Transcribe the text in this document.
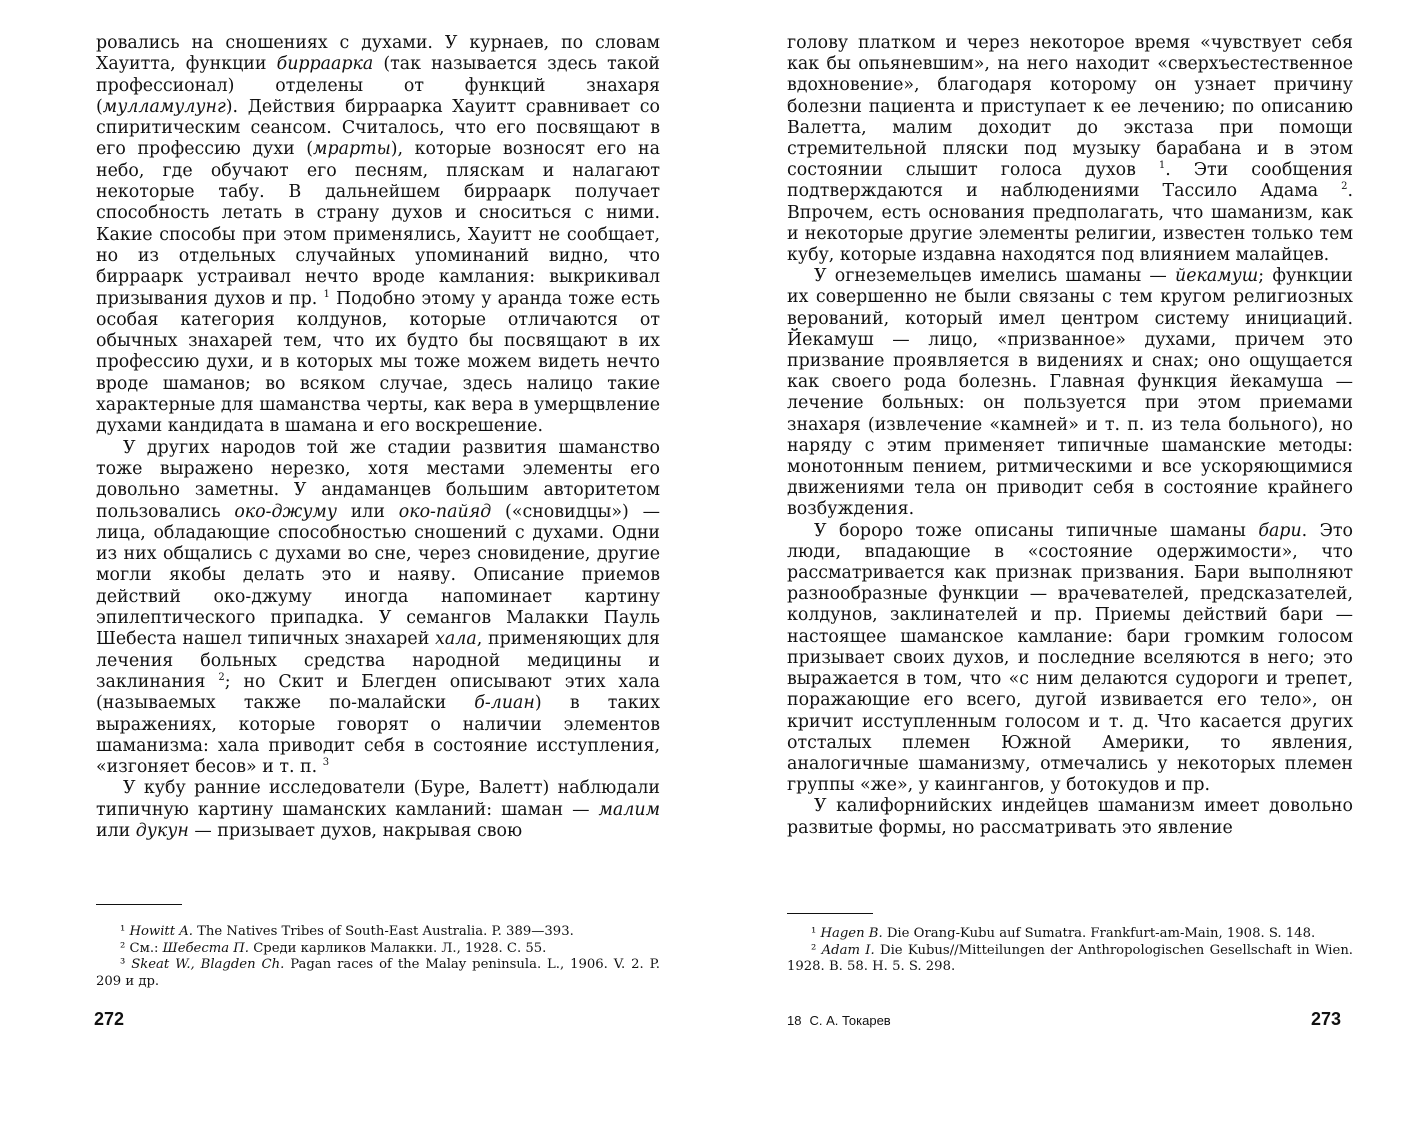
ровались на сношениях с духами. У курнаев, по словам Хауитта, функции бирраарка (так называется здесь такой профессионал) отделены от функций знахаря (мулламулунг). Действия бирраарка Хауитт сравнивает со спиритическим сеансом. Считалось, что его посвящают в его профессию духи (мрарты), которые возносят его на небо, где обучают его песням, пляскам и налагают некоторые табу. В дальнейшем бирраарк получает способность летать в страну духов и сноситься с ними. Какие способы при этом применялись, Хауитт не сообщает, но из отдельных случайных упоминаний видно, что бирраарк устраивал нечто вроде камлания: выкрикивал призывания духов и пр. $^1$ Подобно этому у аранда тоже есть особая категория колдунов, которые отличаются от обычных знахарей тем, что их будто бы посвящают в их профессию духи, и в которых мы тоже можем видеть нечто вроде шаманов; во всяком случае, здесь налицо такие характерные для шаманства черты, как вера в умерщвление духами кандидата в шамана и его воскрешение.

У других народов той же стадии развития шаманство тоже выражено нерезко, хотя местами элементы его довольно заметны. У андаманцев большим авторитетом пользовались око-джуму или око-пайяд («сновидцы») — лица, обладающие способностью сношений с духами. Одни из них общались с духами во сне, через сновидение, другие могли якобы делать это и наяву. Описание приемов действий око-джуму иногда напоминает картину эпилептического припадка. У семангов Малакки Пауль Шебеста нашел типичных знахарей хала, применяющих для лечения больных средства народной медицины и заклинания $^2$; но Скит и Блегден описывают этих хала (называемых также по-малайски б-лиан) в таких выражениях, которые говорят о наличии элементов шаманизма: хала приводит себя в состояние исступления, «изгоняет бесов» и т. п. $^3$

У кубу ранние исследователи (Буре, Валетт) наблюдали типичную картину шаманских камланий: шаман — малим или дукун — призывает духов, накрывая свою

¹ Howitt A. The Natives Tribes of South-East Australia. P. 389—393.
² См.: Шебеста П. Среди карликов Малакки. Л., 1928. С. 55.
³ Skeat W., Blagden Ch. Pagan races of the Malay peninsula. L., 1906. V. 2. P. 209 и др.
272

голову платком и через некоторое время «чувствует себя как бы опьяневшим», на него находит «сверхъестественное вдохновение», благодаря которому он узнает причину болезни пациента и приступает к ее лечению; по описанию Валетта, малим доходит до экстаза при помощи стремительной пляски под музыку барабана и в этом состоянии слышит голоса духов $^1$. Эти сообщения подтверждаются и наблюдениями Тассило Адама $^2$. Впрочем, есть основания предполагать, что шаманизм, как и некоторые другие элементы религии, известен только тем кубу, которые издавна находятся под влиянием малайцев.

У огнеземельцев имелись шаманы — йекамуш; функции их совершенно не были связаны с тем кругом религиозных верований, который имел центром систему инициаций. Йекамуш — лицо, «призванное» духами, причем это призвание проявляется в видениях и снах; оно ощущается как своего рода болезнь. Главная функция йекамуша — лечение больных: он пользуется при этом приемами знахаря (извлечение «камней» и т. п. из тела больного), но наряду с этим применяет типичные шаманские методы: монотонным пением, ритмическими и все ускоряющимися движениями тела он приводит себя в состояние крайнего возбуждения.

У бороро тоже описаны типичные шаманы бари. Это люди, впадающие в «состояние одержимости», что рассматривается как признак призвания. Бари выполняют разнообразные функции — врачевателей, предсказателей, колдунов, заклинателей и пр. Приемы действий бари — настоящее шаманское камлание: бари громким голосом призывает своих духов, и последние вселяются в него; это выражается в том, что «с ним делаются судороги и трепет, поражающие его всего, дугой извивается его тело», он кричит исступленным голосом и т. д. Что касается других отсталых племен Южной Америки, то явления, аналогичные шаманизму, отмечались у некоторых племен группы «же», у каингангов, у ботокудов и пр.

У калифорнийских индейцев шаманизм имеет довольно развитые формы, но рассматривать это явление

¹ Hagen B. Die Orang-Kubu auf Sumatra. Frankfurt-am-Main, 1908. S. 148.
² Adam I. Die Kubus//Mitteilungen der Anthropologischen Gesellschaft in Wien. 1928. B. 58. H. 5. S. 298.
18 С. А. Токарев	273
